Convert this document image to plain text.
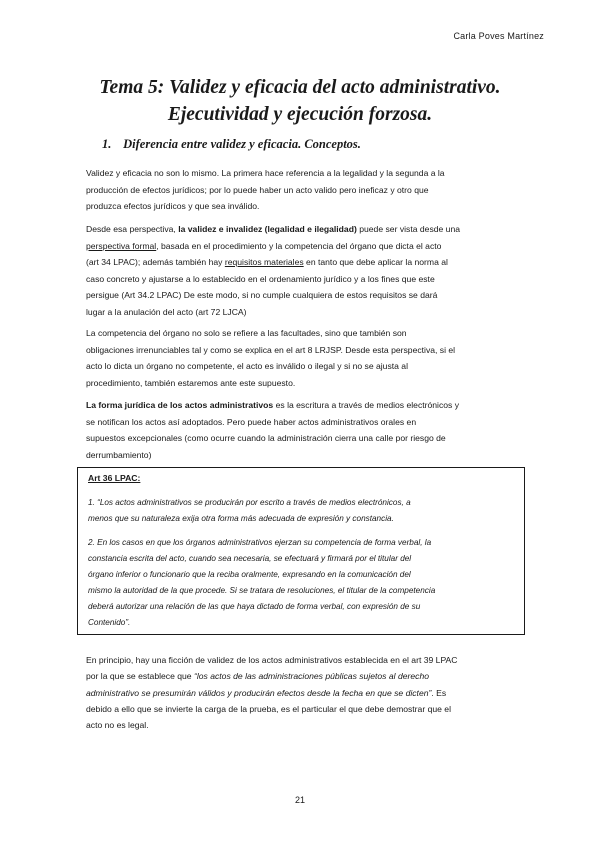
Carla Poves Martínez
Tema 5: Validez y eficacia del acto administrativo.
Ejecutividad y ejecución forzosa.
1. Diferencia entre validez y eficacia. Conceptos.
Validez y eficacia no son lo mismo. La primera hace referencia a la legalidad y la segunda a la
producción de efectos jurídicos; por lo puede haber un acto valido pero ineficaz y otro que
produzca efectos jurídicos y que sea inválido.
Desde esa perspectiva, la validez e invalidez (legalidad e ilegalidad) puede ser vista desde una
perspectiva formal, basada en el procedimiento y la competencia del órgano que dicta el acto
(art 34 LPAC); además también hay requisitos materiales en tanto que debe aplicar la norma al
caso concreto y ajustarse a lo establecido en el ordenamiento jurídico y a los fines que este
persigue (Art 34.2 LPAC) De este modo, si no cumple cualquiera de estos requisitos se dará
lugar a la anulación del acto (art 72 LJCA)
La competencia del órgano no solo se refiere a las facultades, sino que también son
obligaciones irrenunciables tal y como se explica en el art 8 LRJSP. Desde esta perspectiva, si el
acto lo dicta un órgano no competente, el acto es inválido o ilegal y si no se ajusta al
procedimiento, también estaremos ante este supuesto.
La forma jurídica de los actos administrativos es la escritura a través de medios electrónicos y
se notifican los actos así adoptados. Pero puede haber actos administrativos orales en
supuestos excepcionales (como ocurre cuando la administración cierra una calle por riesgo de
derrumbamiento)
Art 36 LPAC:
1. “Los actos administrativos se producirán por escrito a través de medios electrónicos, a
menos que su naturaleza exija otra forma más adecuada de expresión y constancia.
2. En los casos en que los órganos administrativos ejerzan su competencia de forma verbal, la
constancia escrita del acto, cuando sea necesaria, se efectuará y firmará por el titular del
órgano inferior o funcionario que la reciba oralmente, expresando en la comunicación del
mismo la autoridad de la que procede. Si se tratara de resoluciones, el titular de la competencia
deberá autorizar una relación de las que haya dictado de forma verbal, con expresión de su
Contenido”.
En principio, hay una ficción de validez de los actos administrativos establecida en el art 39 LPAC
por la que se establece que “los actos de las administraciones públicas sujetos al derecho
administrativo se presumirán válidos y producirán efectos desde la fecha en que se dicten”. Es
debido a ello que se invierte la carga de la prueba, es el particular el que debe demostrar que el
acto no es legal.
21
